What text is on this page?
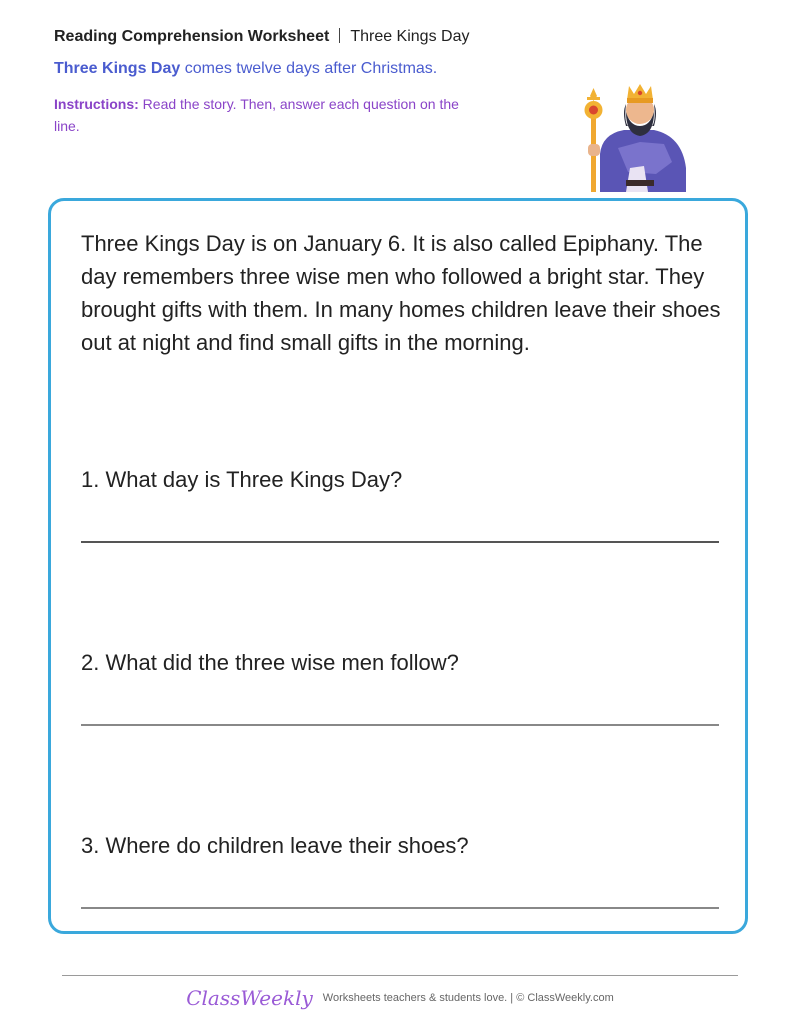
Reading Comprehension Worksheet Three Kings Day
Three Kings Day comes twelve days after Christmas.
Instructions: Read the story. Then, answer each question on the line.
Three Kings Day is on January 6. It is also called Epiphany. The day remembers three wise men who followed a bright star. They brought gifts with them. In many homes children leave their shoes out at night and find small gifts in the morning.
1. What day is Three Kings Day?
2. What did the three wise men follow?
3. Where do children leave their shoes?
ClassWeekly Worksheets teachers & students love. | © ClassWeekly.com
